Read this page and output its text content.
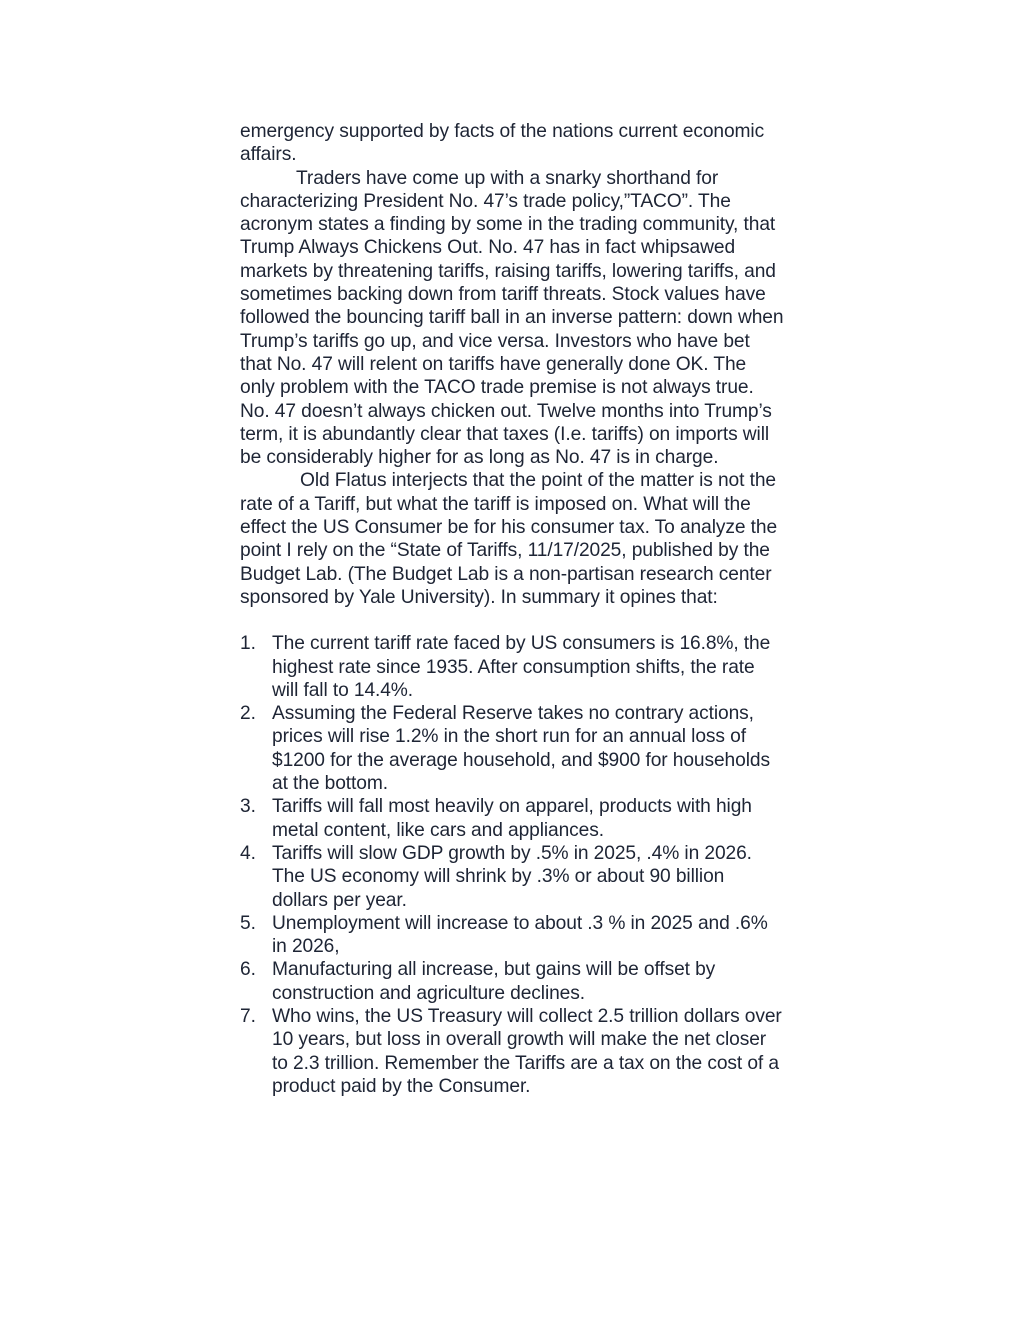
emergency supported by facts of the nations current economic affairs.

Traders have come up with a snarky shorthand for characterizing President No. 47’s trade policy,”TACO”. The acronym states a finding by some in the trading community, that Trump Always Chickens Out. No. 47 has in fact whipsawed markets by threatening tariffs, raising tariffs, lowering tariffs, and sometimes backing down from tariff threats. Stock values have followed the bouncing tariff ball in an inverse pattern: down when Trump’s tariffs go up, and vice versa. Investors who have bet that No. 47 will relent on tariffs have generally done OK. The only problem with the TACO trade premise is not always true. No. 47 doesn’t always chicken out. Twelve months into Trump’s term, it is abundantly clear that taxes (I.e. tariffs) on imports will be considerably higher for as long as No. 47 is in charge.

Old Flatus interjects that the point of the matter is not the rate of a Tariff, but what the tariff is imposed on. What will the effect the US Consumer be for his consumer tax. To analyze the point I rely on the “State of Tariffs, 11/17/2025, published by the Budget Lab. (The Budget Lab is a non-partisan research center sponsored by Yale University). In summary it opines that:

1. The current tariff rate faced by US consumers is 16.8%, the highest rate since 1935. After consumption shifts, the rate will fall to 14.4%.
2. Assuming the Federal Reserve takes no contrary actions, prices will rise 1.2% in the short run for an annual loss of $1200 for the average household, and $900 for households at the bottom.
3. Tariffs will fall most heavily on apparel, products with high metal content, like cars and appliances.
4. Tariffs will slow GDP growth by .5% in 2025, .4% in 2026. The US economy will shrink by .3% or about 90 billion dollars per year.
5. Unemployment will increase to about .3 % in 2025 and .6% in 2026,
6. Manufacturing all increase, but gains will be offset by construction and agriculture declines.
7. Who wins, the US Treasury will collect 2.5 trillion dollars over 10 years, but loss in overall growth will make the net closer to 2.3 trillion. Remember the Tariffs are a tax on the cost of a product paid by the Consumer.
